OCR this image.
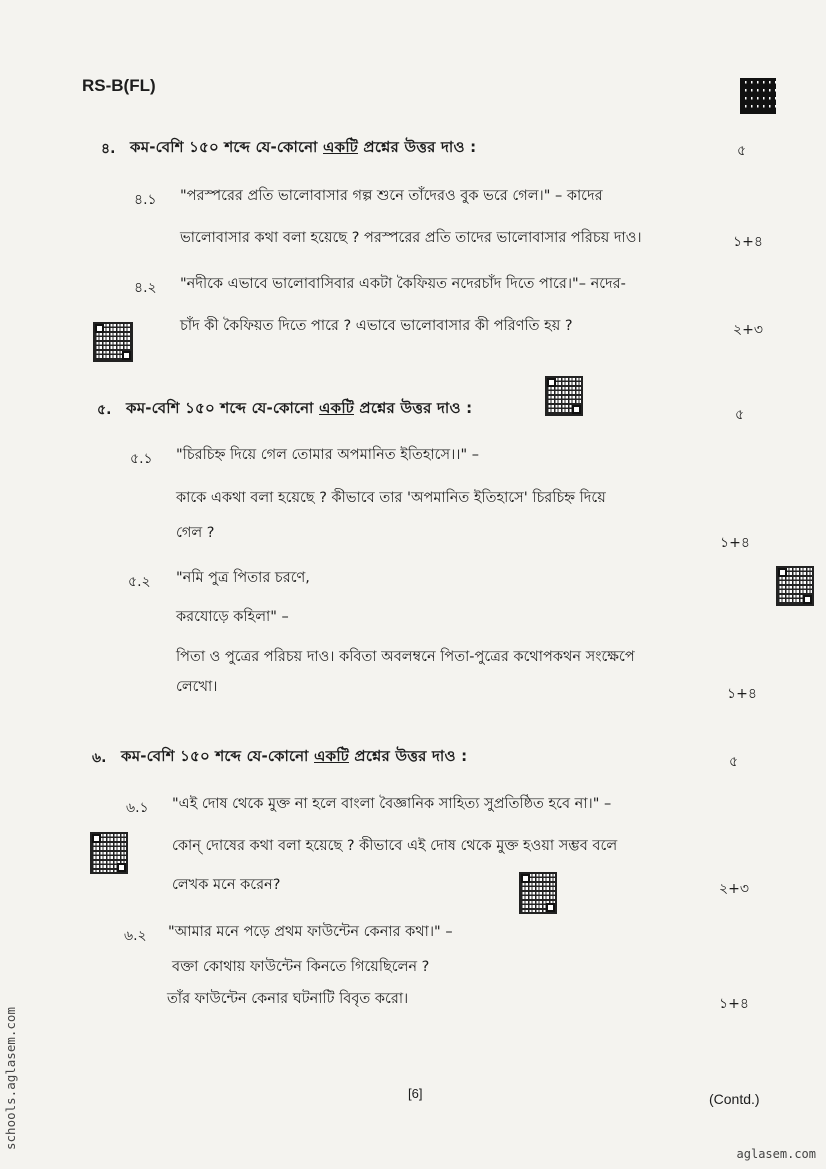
RS-B(FL)
৪. কম-বেশি ১৫০ শব্দে যে-কোনো একটি প্রশ্নের উত্তর দাও :	৫
৪.১ "পরস্পরের প্রতি ভালোবাসার গল্প শুনে তাঁদেরও বুক ভরে গেল।" – কাদের
ভালোবাসার কথা বলা হয়েছে ? পরস্পরের প্রতি তাদের ভালোবাসার পরিচয় দাও।	১+৪
৪.২ "নদীকে এভাবে ভালোবাসিবার একটা কৈফিয়ত নদেরচাঁদ দিতে পারে।"– নদের-
চাঁদ কী কৈফিয়ত দিতে পারে ? এভাবে ভালোবাসার কী পরিণতি হয় ?	২+৩
৫. কম-বেশি ১৫০ শব্দে যে-কোনো একটি প্রশ্নের উত্তর দাও :	৫
৫.১ "চিরচিহ্ন দিয়ে গেল তোমার অপমানিত ইতিহাসে।।" –
কাকে একথা বলা হয়েছে ? কীভাবে তার 'অপমানিত ইতিহাসে' চিরচিহ্ন দিয়ে
গেল ?
১+৪
৫.২ "নমি পুত্র পিতার চরণে,
করযোড়ে কহিলা" –
পিতা ও পুত্রের পরিচয় দাও। কবিতা অবলম্বনে পিতা-পুত্রের কথোপকথন সংক্ষেপে
লেখো।	১+৪
৬. কম-বেশি ১৫০ শব্দে যে-কোনো একটি প্রশ্নের উত্তর দাও :	৫
৬.১ "এই দোষ থেকে মুক্ত না হলে বাংলা বৈজ্ঞানিক সাহিত্য সুপ্রতিষ্ঠিত হবে না।" –
কোন্ দোষের কথা বলা হয়েছে ? কীভাবে এই দোষ থেকে মুক্ত হওয়া সম্ভব বলে
লেখক মনে করেন?	২+৩
৬.২ "আমার মনে পড়ে প্রথম ফাউন্টেন কেনার কথা।" –
বক্তা কোথায় ফাউন্টেন কিনতে গিয়েছিলেন ?
তাঁর ফাউন্টেন কেনার ঘটনাটি বিবৃত করো।	১+৪
[6]	(Contd.)
schools.aglasem.com
aglasem.com
